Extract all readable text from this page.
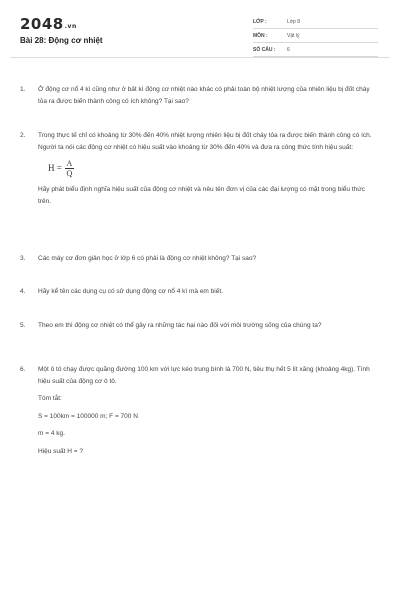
2048.vn
Bài 28: Động cơ nhiệt
LỚP :	Lớp 8
MÔN :	Vật lý
SỐ CÂU :	6
1. Ở động cơ nổ 4 kì cũng như ở bất kì động cơ nhiệt nào khác có phải toàn bộ nhiệt lượng của nhiên liệu bị đốt cháy tỏa ra được biến thành công có ích không? Tại sao?

2. Trong thực tế chỉ có khoảng từ 30% đến 40% nhiệt lượng nhiên liệu bị đốt cháy tỏa ra được biến thành công có ích. Người ta nói các động cơ nhiệt có hiệu suất vào khoảng từ 30% đến 40% và đưa ra công thức tính hiệu suất:

$H = \frac{A}{Q}$

Hãy phát biểu định nghĩa hiệu suất của động cơ nhiệt và nêu tên đơn vị của các đại lượng có mặt trong biểu thức trên.

3. Các máy cơ đơn giản học ở lớp 6 có phải là động cơ nhiệt không? Tại sao?

4. Hãy kể tên các dụng cụ có sử dụng động cơ nổ 4 kì mà em biết.

5. Theo em thì động cơ nhiệt có thể gây ra những tác hại nào đối với môi trường sống của chúng ta?

6. Một ô tô chạy được quãng đường 100 km với lực kéo trung bình là 700 N, tiêu thụ hết 5 lít xăng (khoảng 4kg). Tính hiệu suất của động cơ ô tô.

Tóm tắt:

S = 100km = 100000 m; F = 700 N

m = 4 kg.

Hiệu suất H = ?
